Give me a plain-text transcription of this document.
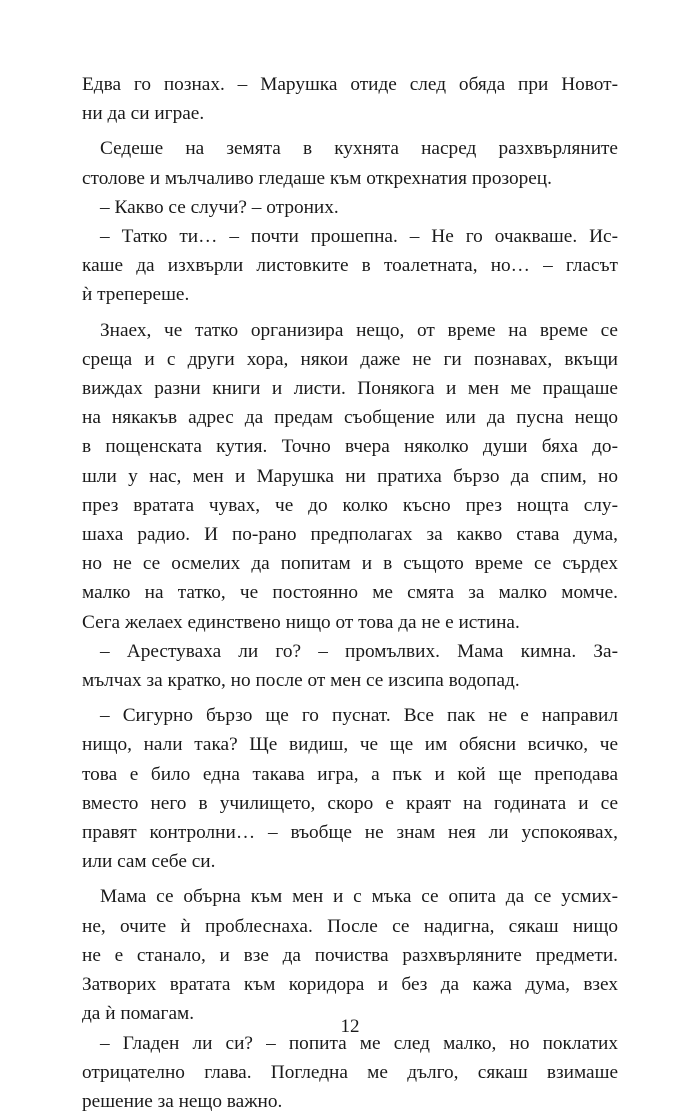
Едва го познах. – Марушка отиде след обяда при Новот-
ни да си играе.

Седеше на земята в кухнята насред разхвърляните
столове и мълчаливо гледаше към открехнатия прозорец.

– Какво се случи? – отроних.

– Татко ти… – почти прошепна. – Не го очакваше. Ис-
каше да изхвърли листовките в тоалетната, но… – гласът
ѝ трепереше.

Знаех, че татко организира нещо, от време на време се
среща и с други хора, някои даже не ги познавах, вкъщи
виждах разни книги и листи. Понякога и мен ме пращаше
на някакъв адрес да предам съобщение или да пусна нещо
в пощенската кутия. Точно вчера няколко души бяха до-
шли у нас, мен и Марушка ни пратиха бързо да спим, но
през вратата чувах, че до колко късно през нощта слу-
шаха радио. И по-рано предполагах за какво става дума,
но не се осмелих да попитам и в същото време се сърдех
малко на татко, че постоянно ме смята за малко момче.
Сега желаех единствено нищо от това да не е истина.

– Арестуваха ли го? – промълвих. Мама кимна. За-
мълчах за кратко, но после от мен се изсипа водопад.

– Сигурно бързо ще го пуснат. Все пак не е направил
нищо, нали така? Ще видиш, че ще им обясни всичко, че
това е било една такава игра, а пък и кой ще преподава
вместо него в училището, скоро е краят на годината и се
правят контролни… – въобще не знам нея ли успокоявах,
или сам себе си.

Мама се обърна към мен и с мъка се опита да се усмих-
не, очите ѝ проблеснаха. После се надигна, сякаш нищо
не е станало, и взе да почиства разхвърляните предмети.
Затворих вратата към коридора и без да кажа дума, взех
да ѝ помагам.

– Гладен ли си? – попита ме след малко, но поклатих
отрицателно глава. Погледна ме дълго, сякаш взимаше
решение за нещо важно.

12
